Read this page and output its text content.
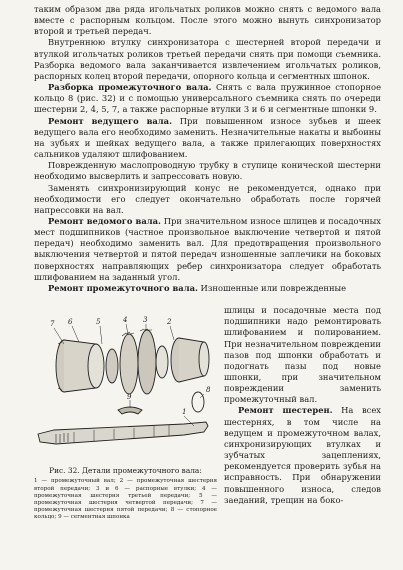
таким образом два ряда игольчатых роликов можно снять с ведомого вала вместе с распорным кольцом. После этого можно вынуть синхронизатор второй и третьей передач.

Внутреннюю втулку синхронизатора с шестерней второй передачи и втулкой игольчатых роликов третьей передачи снять при помощи съемника. Разборка ведомого вала заканчивается извлечением игольчатых роликов, распорных колец второй передачи, опорного кольца и сегментных шпонок.

Разборка промежуточного вала. Снять с вала пружинное стопорное кольцо 8 (рис. 32) и с помощью универсального съемника снять по очереди шестерни 2, 4, 5, 7, а также распорные втулки 3 и 6 и сегментные шпонки 9.

Ремонт ведущего вала. При повышенном износе зубьев и шеек ведущего вала его необходимо заменить. Незначительные накаты и выбоины на зубьях и шейках ведущего вала, а также прилегающих поверхностях сальников удаляют шлифованием.

Поврежденную маслопроводную трубку в ступице конической шестерни необходимо высверлить и запрессовать новую.

Заменять синхронизирующий конус не рекомендуется, однако при необходимости его следует окончательно обработать после горячей напрессовки на вал.

Ремонт ведомого вала. При значительном износе шлицев и посадочных мест подшипников (частное произвольное выключение четвертой и пятой передач) необходимо заменить вал. Для предотвращения произвольного выключения четвертой и пятой передач изношенные заплечики на боковых поверхностях направляющих ребер синхронизатора следует обработать шлифованием на заданный угол.

Ремонт промежуточного вала. Изношенные или поврежденные

7 6	5	4 3	2
8
9
1
Рис. 32. Детали промежуточного вала:
1 — промежуточный вал; 2 — промежуточная шестерня второй передачи; 3 и 6 — распорные втулки; 4 — промежуточная шестерня третьей передачи; 5 — промежуточная шестерня четвертой передачи; 7 — промежуточная шестерня пятой передачи; 8 — стопорное кольцо; 9 — сегментная шпонка

шлицы и посадочные места под подшипники надо ремонтировать шлифованием и полированием. При незначительном повреждении пазов под шпонки обработать и подогнать пазы под новые шпонки, при значительном повреждении заменить промежуточный вал.

Ремонт шестерен. На всех шестернях, в том числе на ведущем и промежуточном валах, синхронизирующих втулках и зубчатых зацеплениях, рекомендуется проверить зубья на исправность. При обнаружении повышенного износа, следов заеданий, трещин на боко-
